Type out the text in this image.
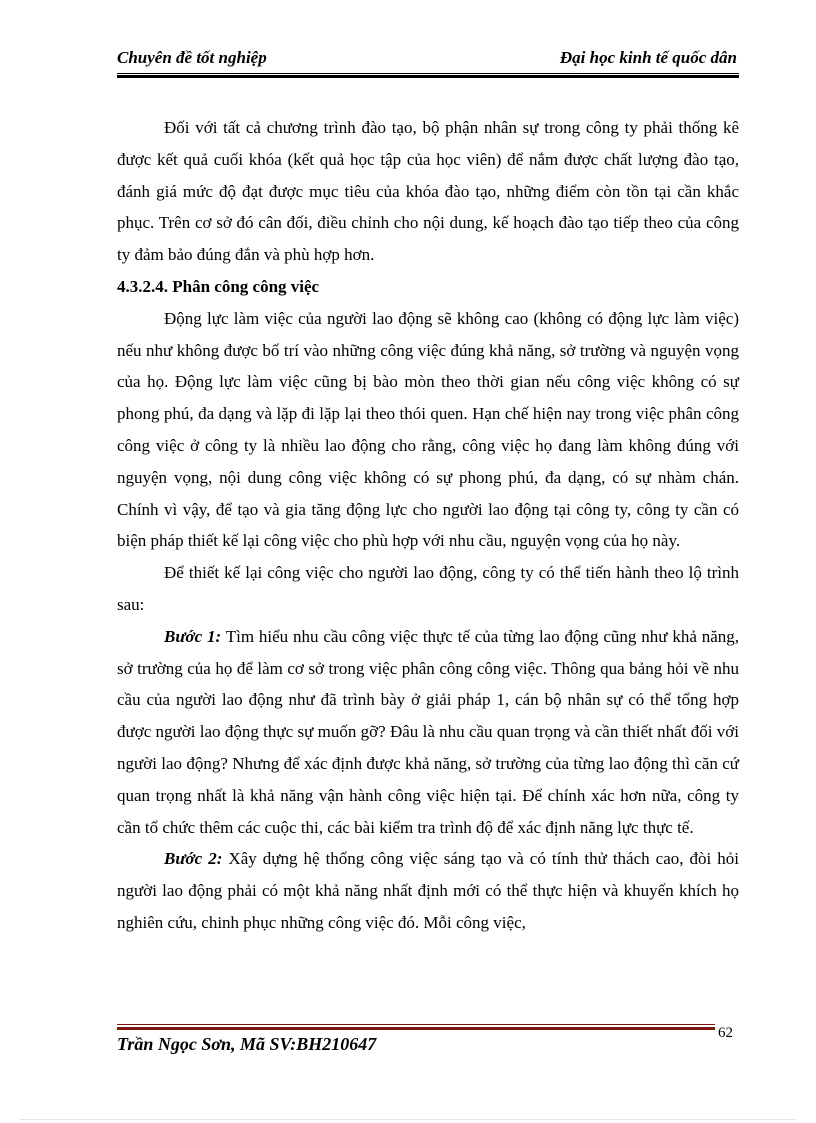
Chuyên đề tốt nghiệp	Đại học kinh tế quốc dân

Đối với tất cả chương trình đào tạo, bộ phận nhân sự trong công ty phải thống kê được kết quả cuối khóa (kết quả học tập của học viên) để nắm được chất lượng đào tạo, đánh giá mức độ đạt được mục tiêu của khóa đào tạo, những điểm còn tồn tại cần khắc phục. Trên cơ sở đó cân đối, điều chỉnh cho nội dung, kế hoạch đào tạo tiếp theo của công ty đảm bảo đúng đắn và phù hợp hơn.

4.3.2.4. Phân công công việc

Động lực làm việc của người lao động sẽ không cao (không có động lực làm việc) nếu như không được bố trí vào những công việc đúng khả năng, sở trường và nguyện vọng của họ. Động lực làm việc cũng bị bào mòn theo thời gian nếu công việc không có sự phong phú, đa dạng và lặp đi lặp lại theo thói quen. Hạn chế hiện nay trong việc phân công công việc ở công ty là nhiều lao động cho rằng, công việc họ đang làm không đúng với nguyện vọng, nội dung công việc không có sự phong phú, đa dạng, có sự nhàm chán. Chính vì vậy, để tạo và gia tăng động lực cho người lao động tại công ty, công ty cần có biện pháp thiết kế lại công việc cho phù hợp với nhu cầu, nguyện vọng của họ này.

Để thiết kế lại công việc cho người lao động, công ty có thể tiến hành theo lộ trình sau:

Bước 1: Tìm hiểu nhu cầu công việc thực tế của từng lao động cũng như khả năng, sở trường của họ để làm cơ sở trong việc phân công công việc. Thông qua bảng hỏi về nhu cầu của người lao động như đã trình bày ở giải pháp 1, cán bộ nhân sự có thể tổng hợp được người lao động thực sự muốn gỡ? Đâu là nhu cầu quan trọng và cần thiết nhất đối với người lao động? Nhưng để xác định được khả năng, sở trường của từng lao động thì căn cứ quan trọng nhất là khả năng vận hành công việc hiện tại. Để chính xác hơn nữa, công ty cần tổ chức thêm các cuộc thi, các bài kiểm tra trình độ để xác định năng lực thực tế.

Bước 2: Xây dựng hệ thống công việc sáng tạo và có tính thử thách cao, đòi hỏi người lao động phải có một khả năng nhất định mới có thể thực hiện và khuyến khích họ nghiên cứu, chinh phục những công việc đó. Mỗi công việc,

62
Trần Ngọc Sơn, Mã SV:BH210647
